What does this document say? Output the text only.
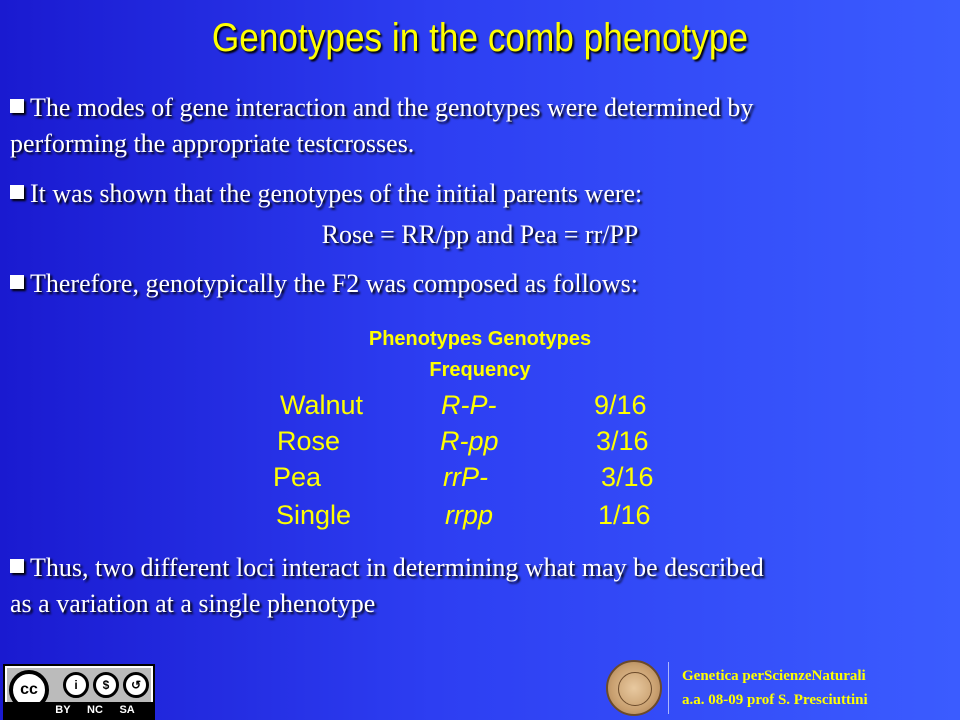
Genotypes in the comb phenotype
The modes of gene interaction and the genotypes were determined by
performing the appropriate testcrosses.
It was shown that the genotypes of the initial parents were:
Rose = RR/pp and Pea = rr/PP
Therefore, genotypically the F2 was composed as follows:
Phenotypes Genotypes
Frequency
Walnut	R-P-	9/16
Rose	R-pp	3/16
Pea	rrP-	3/16
Single	rrpp	1/16
Thus, two different loci interact in determining what may be described
as a variation at a single phenotype
cc	i	$	↺
BY NC SA
Genetica perScienzeNaturali
a.a. 08-09 prof S. Presciuttini
